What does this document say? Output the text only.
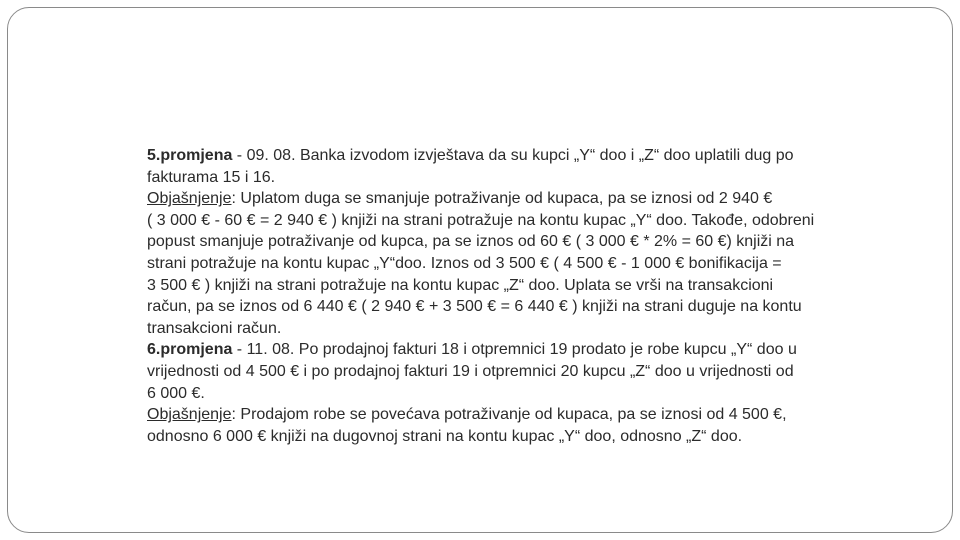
5.promjena - 09. 08. Banka izvodom izvještava da su kupci „Y“ doo i „Z“ doo uplatili dug po
fakturama 15 i 16.
Objašnjenje: Uplatom duga se smanjuje potraživanje od kupaca, pa se iznosi od 2 940 €
( 3 000 € - 60 € = 2 940 € ) knjiži na strani potražuje na kontu kupac „Y“ doo. Takođe, odobreni
popust smanjuje potraživanje od kupca, pa se iznos od 60 € ( 3 000 € * 2% = 60 €) knjiži na
strani potražuje na kontu kupac „Y“doo. Iznos od 3 500 € ( 4 500 € - 1 000 € bonifikacija =
3 500 € ) knjiži na strani potražuje na kontu kupac „Z“ doo. Uplata se vrši na transakcioni
račun, pa se iznos od 6 440 € ( 2 940 € + 3 500 € = 6 440 € ) knjiži na strani duguje na kontu
transakcioni račun.
6.promjena - 11. 08. Po prodajnoj fakturi 18 i otpremnici 19 prodato je robe kupcu „Y“ doo u
vrijednosti od 4 500 € i po prodajnoj fakturi 19 i otpremnici 20 kupcu „Z“ doo u vrijednosti od
6 000 €.
Objašnjenje: Prodajom robe se povećava potraživanje od kupaca, pa se iznosi od 4 500 €,
odnosno 6 000 € knjiži na dugovnoj strani na kontu kupac „Y“ doo, odnosno „Z“ doo.
